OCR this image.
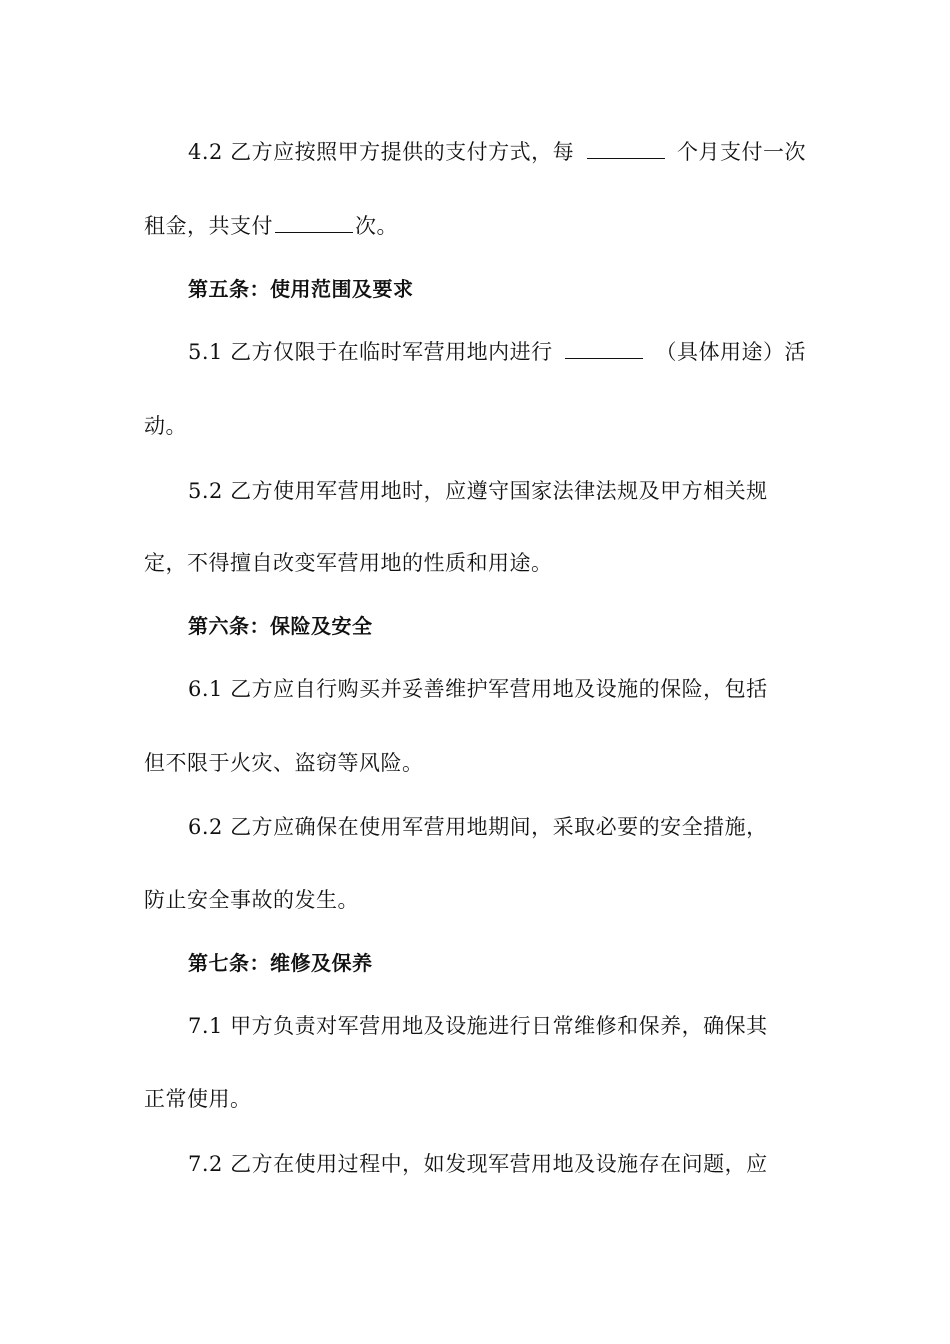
4.2 乙方应按照甲方提供的支付方式，每	个月支付一次
租金，共支付	次。
第五条：使用范围及要求
5.1 乙方仅限于在临时军营用地内进行	（具体用途）活
动。
5.2 乙方使用军营用地时，应遵守国家法律法规及甲方相关规
定，不得擅自改变军营用地的性质和用途。
第六条：保险及安全
6.1 乙方应自行购买并妥善维护军营用地及设施的保险，包括
但不限于火灾、盗窃等风险。
6.2 乙方应确保在使用军营用地期间，采取必要的安全措施，
防止安全事故的发生。
第七条：维修及保养
7.1 甲方负责对军营用地及设施进行日常维修和保养，确保其
正常使用。
7.2 乙方在使用过程中，如发现军营用地及设施存在问题，应
